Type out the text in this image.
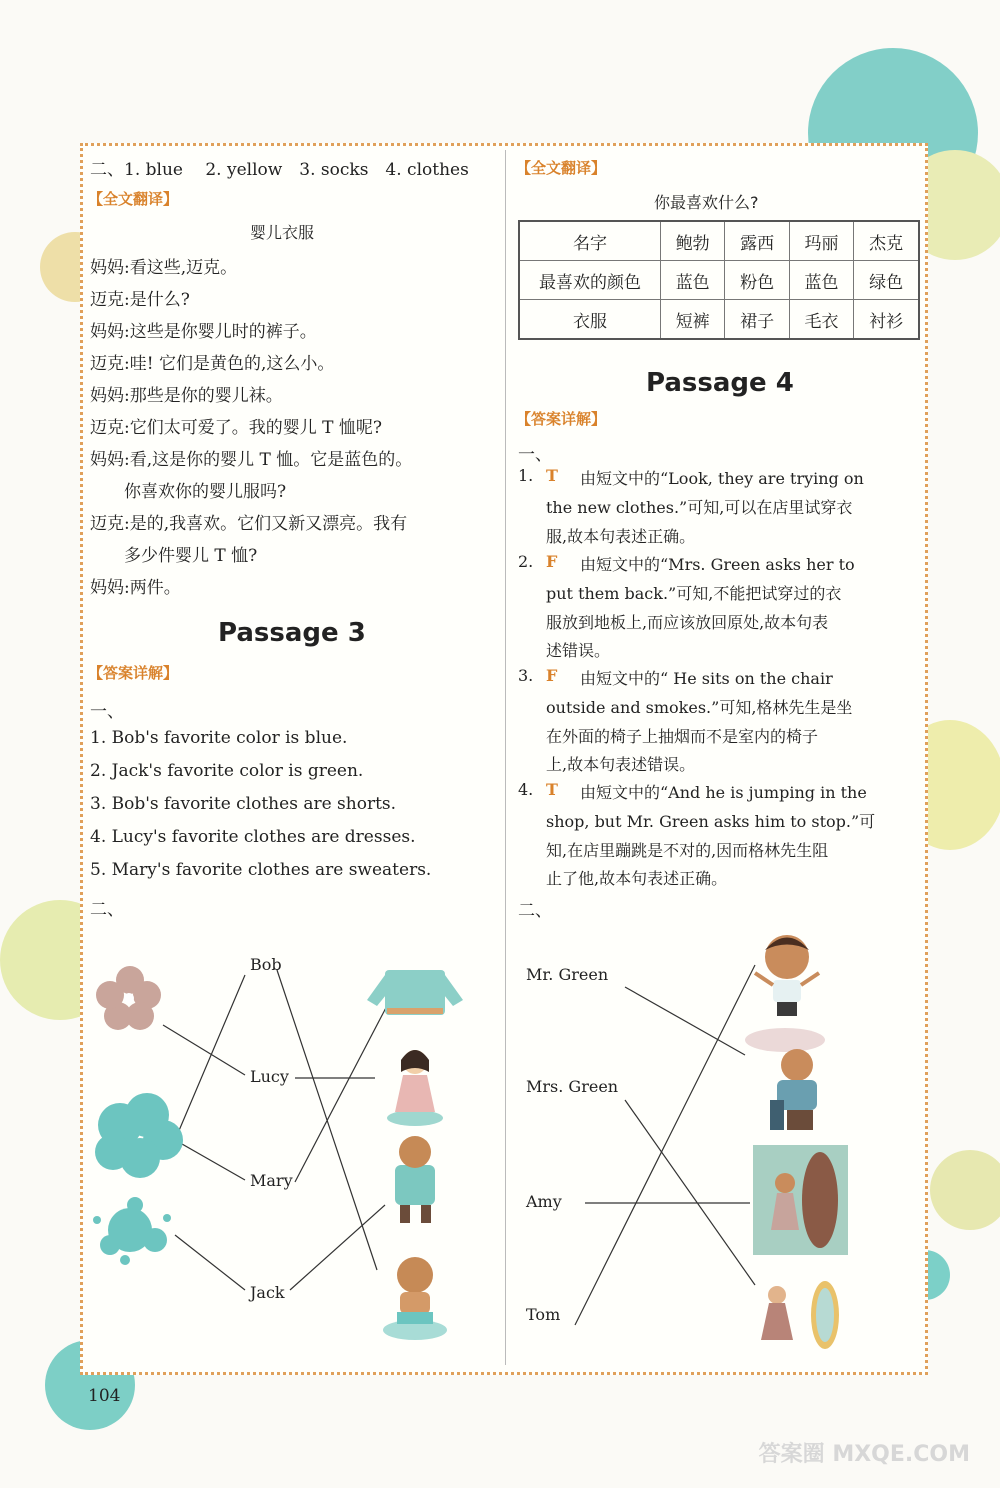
二、1. blue　 2. yellow　3. socks　4. clothes
【全文翻译】
婴儿衣服
妈妈:看这些,迈克。
迈克:是什么?
妈妈:这些是你婴儿时的裤子。
迈克:哇! 它们是黄色的,这么小。
妈妈:那些是你的婴儿袜。
迈克:它们太可爱了。我的婴儿 T 恤呢?
妈妈:看,这是你的婴儿 T 恤。它是蓝色的。
　　你喜欢你的婴儿服吗?
迈克:是的,我喜欢。它们又新又漂亮。我有
　　多少件婴儿 T 恤?
妈妈:两件。
Passage 3
【答案详解】
一、
1. Bob's favorite color is blue.
2. Jack's favorite color is green.
3. Bob's favorite clothes are shorts.
4. Lucy's favorite clothes are dresses.
5. Mary's favorite clothes are sweaters.
二、
Bob
Lucy
Mary
Jack
【全文翻译】
你最喜欢什么?
名字	鲍勃	露西	玛丽	杰克
最喜欢的颜色	蓝色	粉色	蓝色	绿色
衣服	短裤	裙子	毛衣	衬衫
Passage 4
【答案详解】
一、
1. T 由短文中的“Look, they are trying on
the new clothes.”可知,可以在店里试穿衣
服,故本句表述正确。
2. F 由短文中的“Mrs. Green asks her to
put them back.”可知,不能把试穿过的衣
服放到地板上,而应该放回原处,故本句表
述错误。
3. F 由短文中的“ He sits on the chair
outside and smokes.”可知,格林先生是坐
在外面的椅子上抽烟而不是室内的椅子
上,故本句表述错误。
4. T 由短文中的“And he is jumping in the
shop, but Mr. Green asks him to stop.”可
知,在店里蹦跳是不对的,因而格林先生阻
止了他,故本句表述正确。
二、
Mr. Green
Mrs. Green
Amy
Tom
104
答案圈 MXQE.COM
